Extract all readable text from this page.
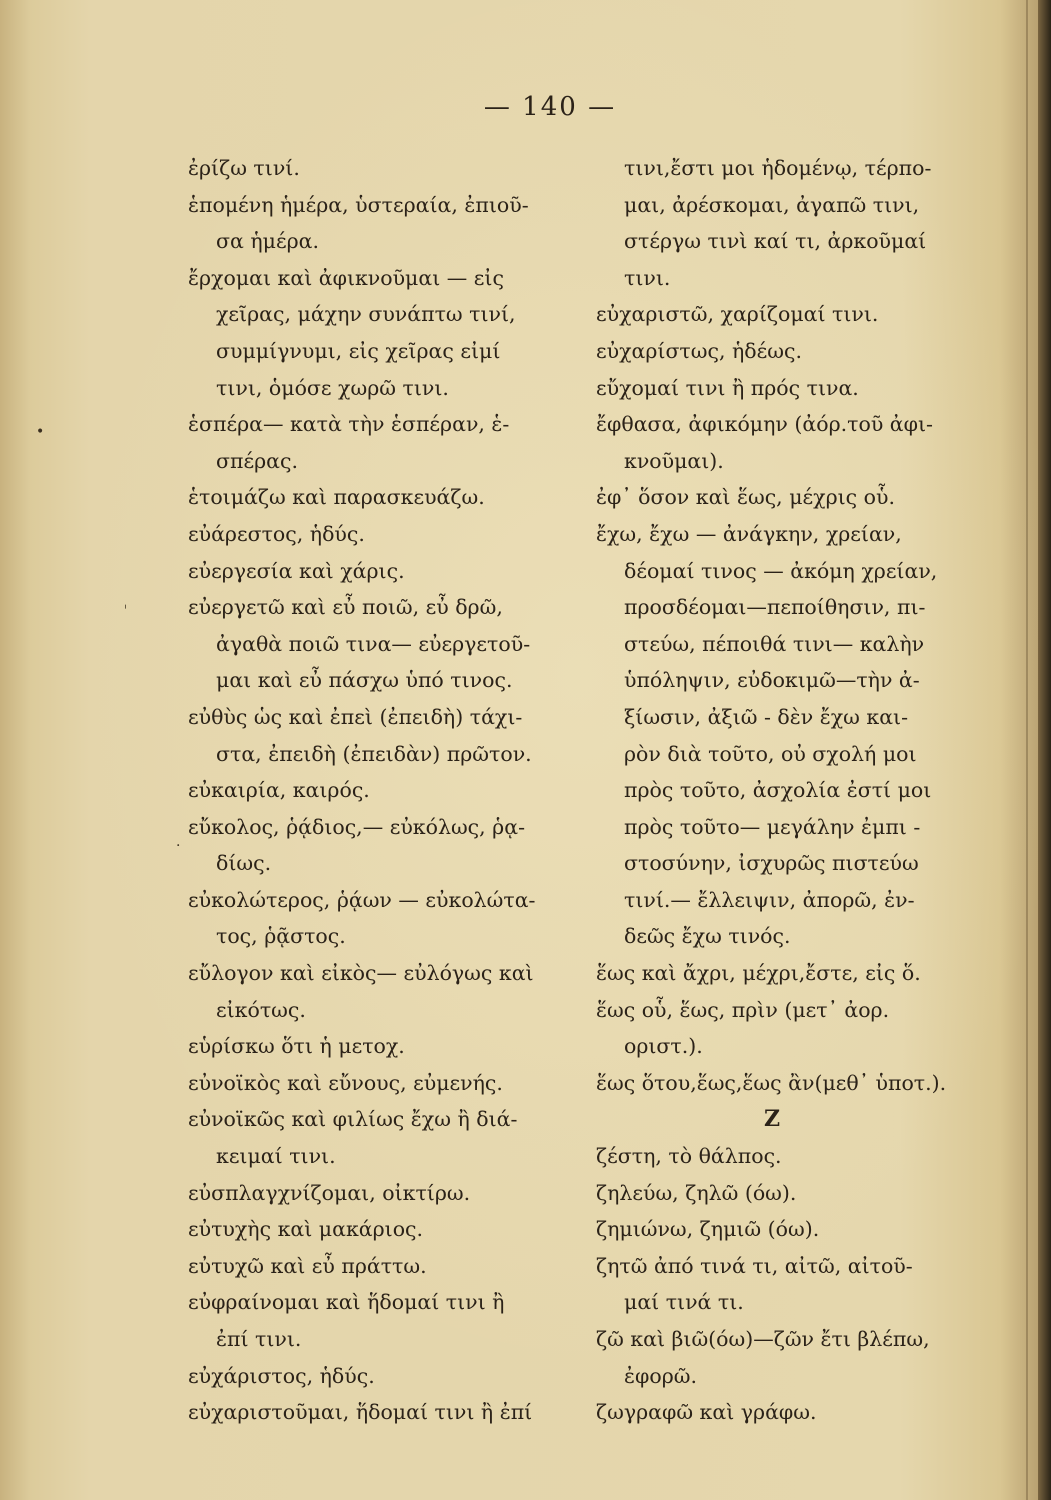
— 140 —
•
·
ἐρίζω τινί.
ἑπομένη ἡμέρα, ὑστεραία, ἐπιοῦ-
σα ἡμέρα.
ἔρχομαι καὶ ἀφικνοῦμαι — εἰς
χεῖρας, μάχην συνάπτω τινί,
συμμίγνυμι, εἰς χεῖρας εἰμί
τινι, ὁμόσε χωρῶ τινι.
ἑσπέρα— κατὰ τὴν ἑσπέραν, ἑ-
σπέρας.
ἑτοιμάζω καὶ παρασκευάζω.
εὐάρεστος, ἡδύς.
εὐεργεσία καὶ χάρις.
εὐεργετῶ καὶ εὖ ποιῶ, εὖ δρῶ,
ἀγαθὰ ποιῶ τινα— εὐεργετοῦ-
μαι καὶ εὖ πάσχω ὑπό τινος.
εὐθὺς ὡς καὶ ἐπεὶ (ἐπειδὴ) τάχι-
στα, ἐπειδὴ (ἐπειδὰν) πρῶτον.
εὐκαιρία, καιρός.
εὔκολος, ῥᾴδιος,— εὐκόλως, ῥᾳ-
δίως.
εὐκολώτερος, ῥᾴων — εὐκολώτα-
τος, ῥᾷστος.
εὔλογον καὶ εἰκὸς— εὐλόγως καὶ
εἰκότως.
εὑρίσκω ὅτι ἡ μετοχ.
εὐνοϊκὸς καὶ εὔνους, εὐμενής.
εὐνοϊκῶς καὶ φιλίως ἔχω ἢ διά-
κειμαί τινι.
εὐσπλαγχνίζομαι, οἰκτίρω.
εὐτυχὴς καὶ μακάριος.
εὐτυχῶ καὶ εὖ πράττω.
εὐφραίνομαι καὶ ἥδομαί τινι ἢ
ἐπί τινι.
εὐχάριστος, ἡδύς.
εὐχαριστοῦμαι, ἥδομαί τινι ἢ ἐπί
τινι,ἔστι μοι ἡδομένῳ, τέρπο-
μαι, ἀρέσκομαι, ἀγαπῶ τινι,
στέργω τινὶ καί τι, ἀρκοῦμαί
τινι.
εὐχαριστῶ, χαρίζομαί τινι.
εὐχαρίστως, ἡδέως.
εὔχομαί τινι ἢ πρός τινα.
ἔφθασα, ἀφικόμην (ἀόρ.τοῦ ἀφι-
κνοῦμαι).
ἐφ᾽ ὅσον καὶ ἕως, μέχρις οὗ.
ἔχω, ἔχω — ἀνάγκην, χρείαν,
δέομαί τινος — ἀκόμη χρείαν,
προσδέομαι—πεποίθησιν, πι-
στεύω, πέποιθά τινι— καλὴν
ὑπόληψιν, εὐδοκιμῶ—τὴν ἀ-
ξίωσιν, ἀξιῶ - δὲν ἔχω και-
ρὸν διὰ τοῦτο, οὐ σχολή μοι
πρὸς τοῦτο, ἀσχολία ἐστί μοι
πρὸς τοῦτο— μεγάλην ἐμπι -
στοσύνην, ἰσχυρῶς πιστεύω
τινί.— ἔλλειψιν, ἀπορῶ, ἐν-
δεῶς ἔχω τινός.
ἕως καὶ ἄχρι, μέχρι,ἔστε, εἰς ὅ.
ἕως οὗ, ἕως, πρὶν (μετ᾽ ἀορ.
οριστ.).
ἕως ὅτου,ἕως,ἕως ἂν(μεθ᾽ ὑποτ.).
Ζ
ζέστη, τὸ θάλπος.
ζηλεύω, ζηλῶ (όω).
ζημιώνω, ζημιῶ (όω).
ζητῶ ἀπό τινά τι, αἰτῶ, αἰτοῦ-
μαί τινά τι.
ζῶ καὶ βιῶ(όω)—ζῶν ἔτι βλέπω,
ἐφορῶ.
ζωγραφῶ καὶ γράφω.
